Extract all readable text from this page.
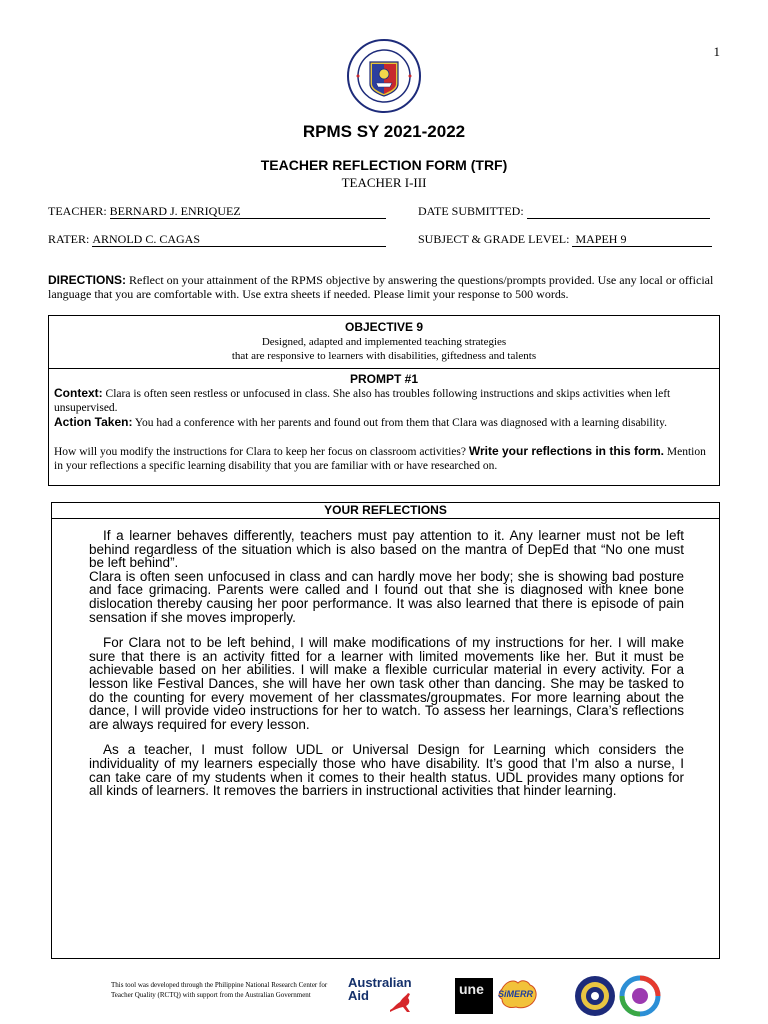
1
RPMS SY 2021-2022
TEACHER REFLECTION FORM (TRF)
TEACHER I-III
TEACHER: BERNARD J. ENRIQUEZ	DATE SUBMITTED:
RATER: ARNOLD C. CAGAS	SUBJECT & GRADE LEVEL: MAPEH 9
DIRECTIONS: Reflect on your attainment of the RPMS objective by answering the questions/prompts provided. Use any local or official language that you are comfortable with. Use extra sheets if needed. Please limit your response to 500 words.
OBJECTIVE 9
Designed, adapted and implemented teaching strategies
that are responsive to learners with disabilities, giftedness and talents
PROMPT #1
Context: Clara is often seen restless or unfocused in class. She also has troubles following instructions and skips activities when left unsupervised.
Action Taken: You had a conference with her parents and found out from them that Clara was diagnosed with a learning disability.
How will you modify the instructions for Clara to keep her focus on classroom activities? Write your reflections in this form. Mention in your reflections a specific learning disability that you are familiar with or have researched on.
YOUR REFLECTIONS

If a learner behaves differently, teachers must pay attention to it. Any learner must not be left behind regardless of the situation which is also based on the mantra of DepEd that “No one must be left behind”.

Clara is often seen unfocused in class and can hardly move her body; she is showing bad posture and face grimacing. Parents were called and I found out that she is diagnosed with knee bone dislocation thereby causing her poor performance. It was also learned that there is episode of pain sensation if she moves improperly.

For Clara not to be left behind, I will make modifications of my instructions for her. I will make sure that there is an activity fitted for a learner with limited movements like her. But it must be achievable based on her abilities. I will make a flexible curricular material in every activity. For a lesson like Festival Dances, she will have her own task other than dancing. She may be tasked to do the counting for every movement of her classmates/groupmates. For more learning about the dance, I will provide video instructions for her to watch. To assess her learnings, Clara’s reflections are always required for every lesson.

As a teacher, I must follow UDL or Universal Design for Learning which considers the individuality of my learners especially those who have disability. It’s good that I’m also a nurse, I can take care of my students when it comes to their health status. UDL provides many options for all kinds of learners. It removes the barriers in instructional activities that hinder learning.

This tool was developed through the Philippine National Research Center for Teacher Quality (RCTQ) with support from the Australian Government
Australian
Aid	une	SiMERR
